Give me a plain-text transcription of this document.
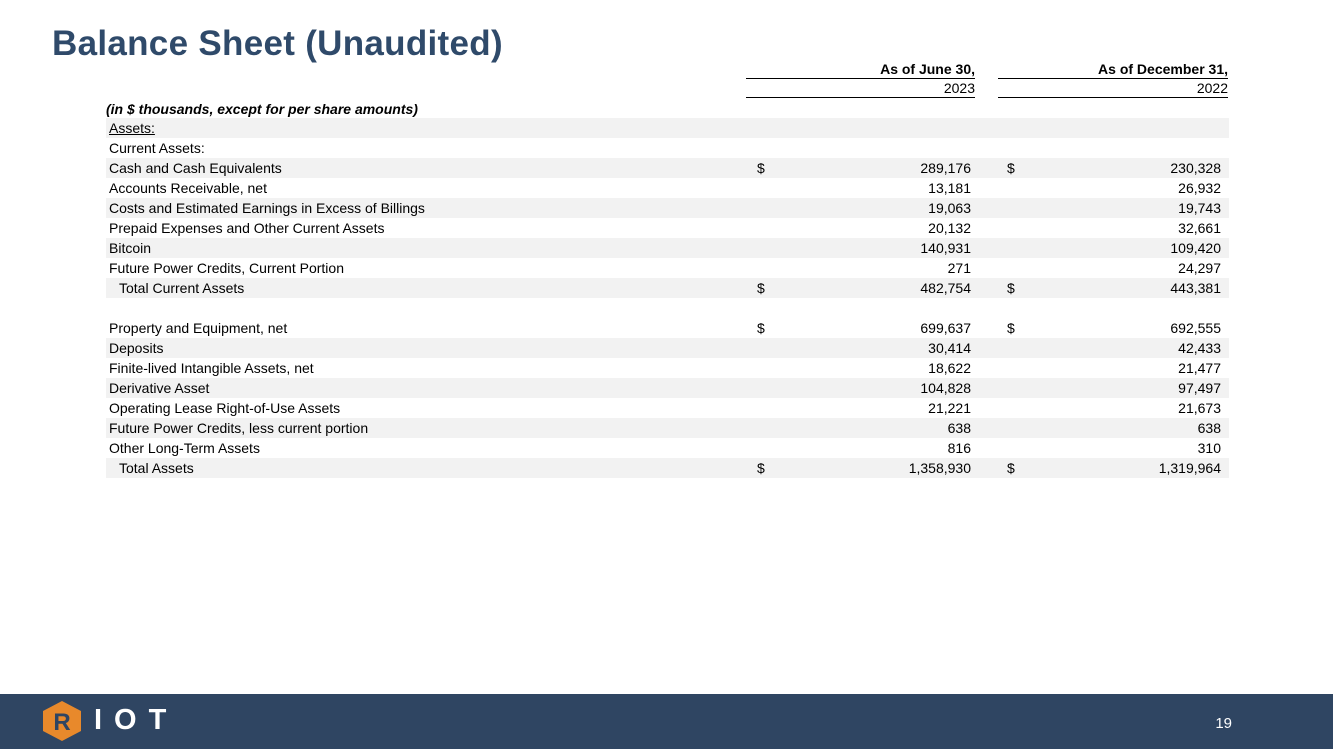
Balance Sheet (Unaudited)
As of June 30,
2023
As of December 31,
2022
(in $ thousands, except for per share amounts)
Assets:
Current Assets:
Cash and Cash Equivalents	$	289,176	$	230,328
Accounts Receivable, net	13,181	26,932
Costs and Estimated Earnings in Excess of Billings	19,063	19,743
Prepaid Expenses and Other Current Assets	20,132	32,661
Bitcoin	140,931	109,420
Future Power Credits, Current Portion	271	24,297
Total Current Assets	$	482,754	$	443,381
Property and Equipment, net	$	699,637	$	692,555
Deposits	30,414	42,433
Finite-lived Intangible Assets, net	18,622	21,477
Derivative Asset	104,828	97,497
Operating Lease Right-of-Use Assets	21,221	21,673
Future Power Credits, less current portion	638	638
Other Long-Term Assets	816	310
Total Assets	$	1,358,930	$	1,319,964
R IOT	19
